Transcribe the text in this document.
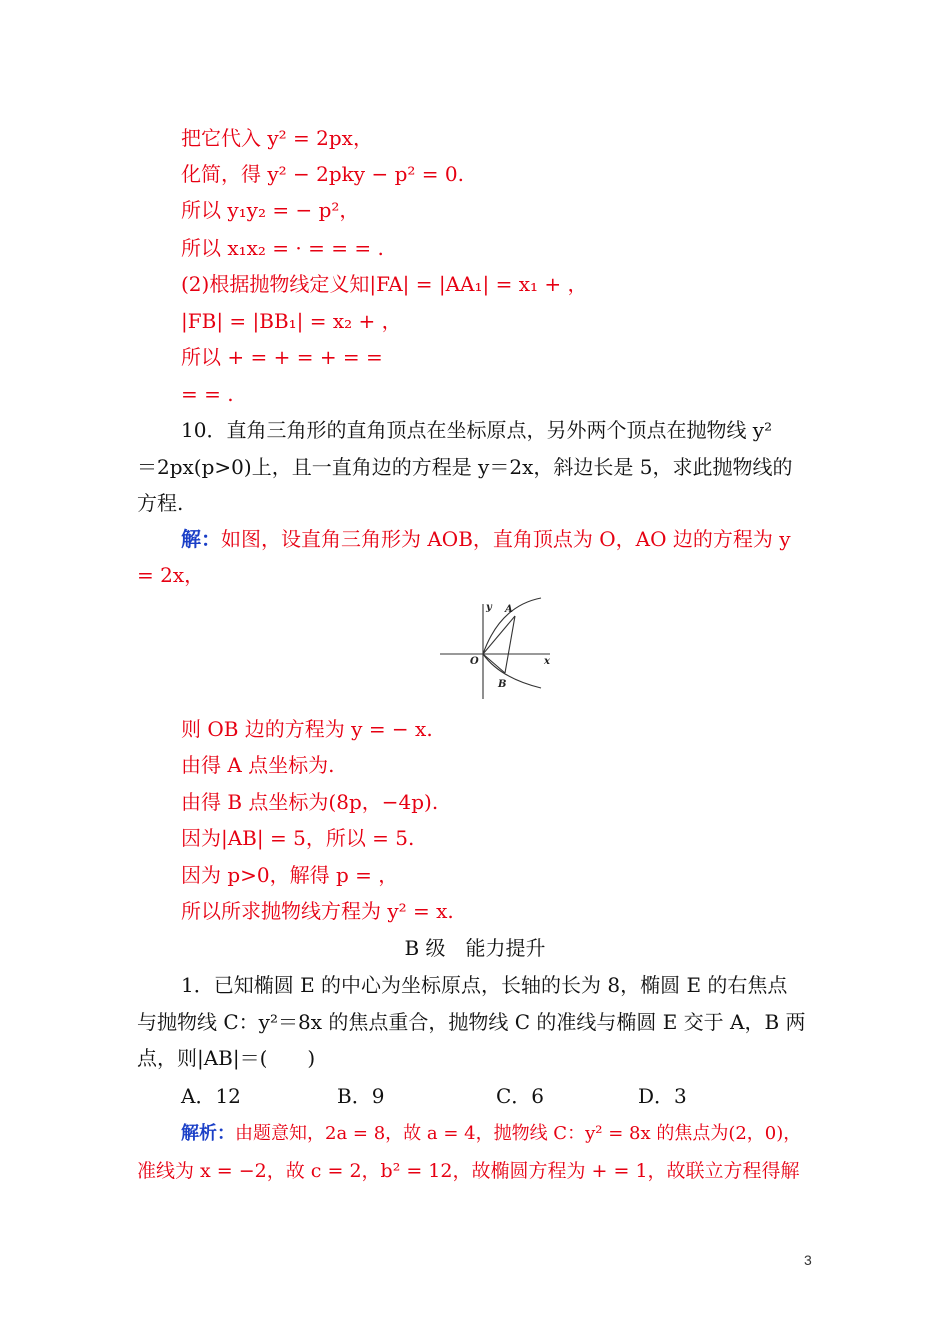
把它代入 y² = 2px，
化简，得 y² − 2pky − p² = 0.
所以 y₁y₂ = − p²，
所以 x₁x₂ = · = = = .
(2)根据抛物线定义知|FA| = |AA₁| = x₁ + ，
|FB| = |BB₁| = x₂ + ，
所以 + = + = + = =
= = .
10．直角三角形的直角顶点在坐标原点，另外两个顶点在抛物线 y²
＝2px(p>0)上，且一直角边的方程是 y＝2x，斜边长是 5，求此抛物线的
方程.
解：如图，设直角三角形为 AOB，直角顶点为 O，AO 边的方程为 y
= 2x，
y
x
O
A
B
则 OB 边的方程为 y = − x.
由得 A 点坐标为.
由得 B 点坐标为(8p，−4p).
因为|AB| = 5，所以 = 5.
因为 p>0，解得 p = ，
所以所求抛物线方程为 y² = x.
B 级　能力提升
1．已知椭圆 E 的中心为坐标原点，长轴的长为 8，椭圆 E 的右焦点
与抛物线 C：y²＝8x 的焦点重合，抛物线 C 的准线与椭圆 E 交于 A，B 两
点，则|AB|＝(　　)
A．12	B．9	C．6	D．3
解析：由题意知，2a = 8，故 a = 4，抛物线 C：y² = 8x 的焦点为(2，0)，
准线为 x = −2，故 c = 2，b² = 12，故椭圆方程为 + = 1，故联立方程得解
3
